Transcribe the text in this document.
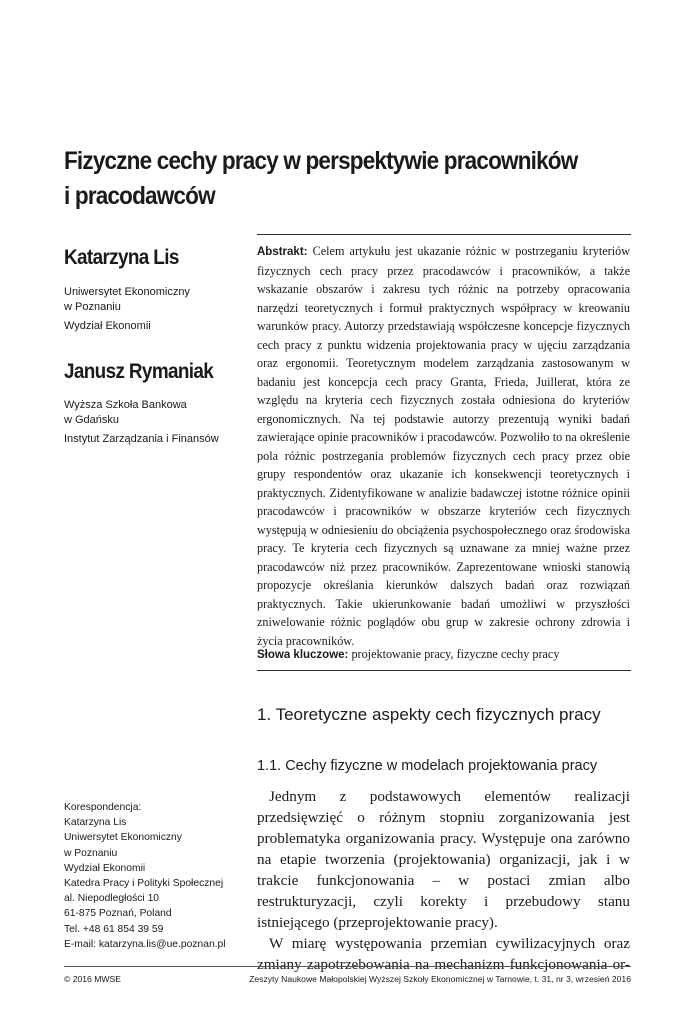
Fizyczne cechy pracy w perspektywie pracowników
i pracodawców
Katarzyna Lis
Uniwersytet Ekonomiczny
w Poznaniu
Wydział Ekonomii
Janusz Rymaniak
Wyższa Szkoła Bankowa
w Gdańsku
Instytut Zarządzania i Finansów
Abstrakt: Celem artykułu jest ukazanie różnic w postrzeganiu kryteriów fizycznych cech pracy przez pracodawców i pracowników, a także wskazanie obszarów i zakresu tych różnic na potrzeby opracowania narzędzi teoretycznych i formuł praktycznych współpracy w kreowaniu warunków pracy. Autorzy przedstawiają współczesne koncepcje fizycznych cech pracy z punktu widzenia projektowania pracy w ujęciu zarządzania oraz ergonomii. Teoretycznym modelem zarządzania zastosowanym w badaniu jest koncepcja cech pracy Granta, Frieda, Juillerat, która ze względu na kryteria cech fizycznych została odniesiona do kryteriów ergonomicznych. Na tej podstawie autorzy prezentują wyniki badań zawierające opinie pracowników i pracodawców. Pozwoliło to na określenie pola różnic postrzegania problemów fizycznych cech pracy przez obie grupy respondentów oraz ukazanie ich konsekwencji teoretycznych i praktycznych. Zidentyfikowane w analizie badawczej istotne różnice opinii pracodawców i pracowników w obszarze kryteriów cech fizycznych występują w odniesieniu do obciążenia psychospołecznego oraz środowiska pracy. Te kryteria cech fizycznych są uznawane za mniej ważne przez pracodawców niż przez pracowników. Zaprezentowane wnioski stanowią propozycje określania kierunków dalszych badań oraz rozwiązań praktycznych. Takie ukierunkowanie badań umożliwi w przyszłości zniwelowanie różnic poglądów obu grup w zakresie ochrony zdrowia i życia pracowników.
Słowa kluczowe: projektowanie pracy, fizyczne cechy pracy
1. Teoretyczne aspekty cech fizycznych pracy
1.1. Cechy fizyczne w modelach projektowania pracy

Jednym z podstawowych elementów realizacji przedsięwzięć o różnym stopniu zorganizowania jest problematyka organizowania pracy. Występuje ona zarówno na etapie tworzenia (projektowania) organizacji, jak i w trakcie funkcjonowania – w postaci zmian albo restrukturyzacji, czyli korekty i przebudowy stanu istniejącego (przeprojektowanie pracy).

W miarę występowania przemian cywilizacyjnych oraz zmiany zapotrzebowania na mechanizm funkcjonowania or-

Korespondencja:
Katarzyna Lis
Uniwersytet Ekonomiczny
w Poznaniu
Wydział Ekonomii
Katedra Pracy i Polityki Społecznej
al. Niepodległości 10
61-875 Poznań, Poland
Tel. +48 61 854 39 59
E-mail: katarzyna.lis@ue.poznan.pl
© 2016 MWSE	Zeszyty Naukowe Małopolskiej Wyższej Szkoły Ekonomicznej w Tarnowie, t. 31, nr 3, wrzesień 2016
